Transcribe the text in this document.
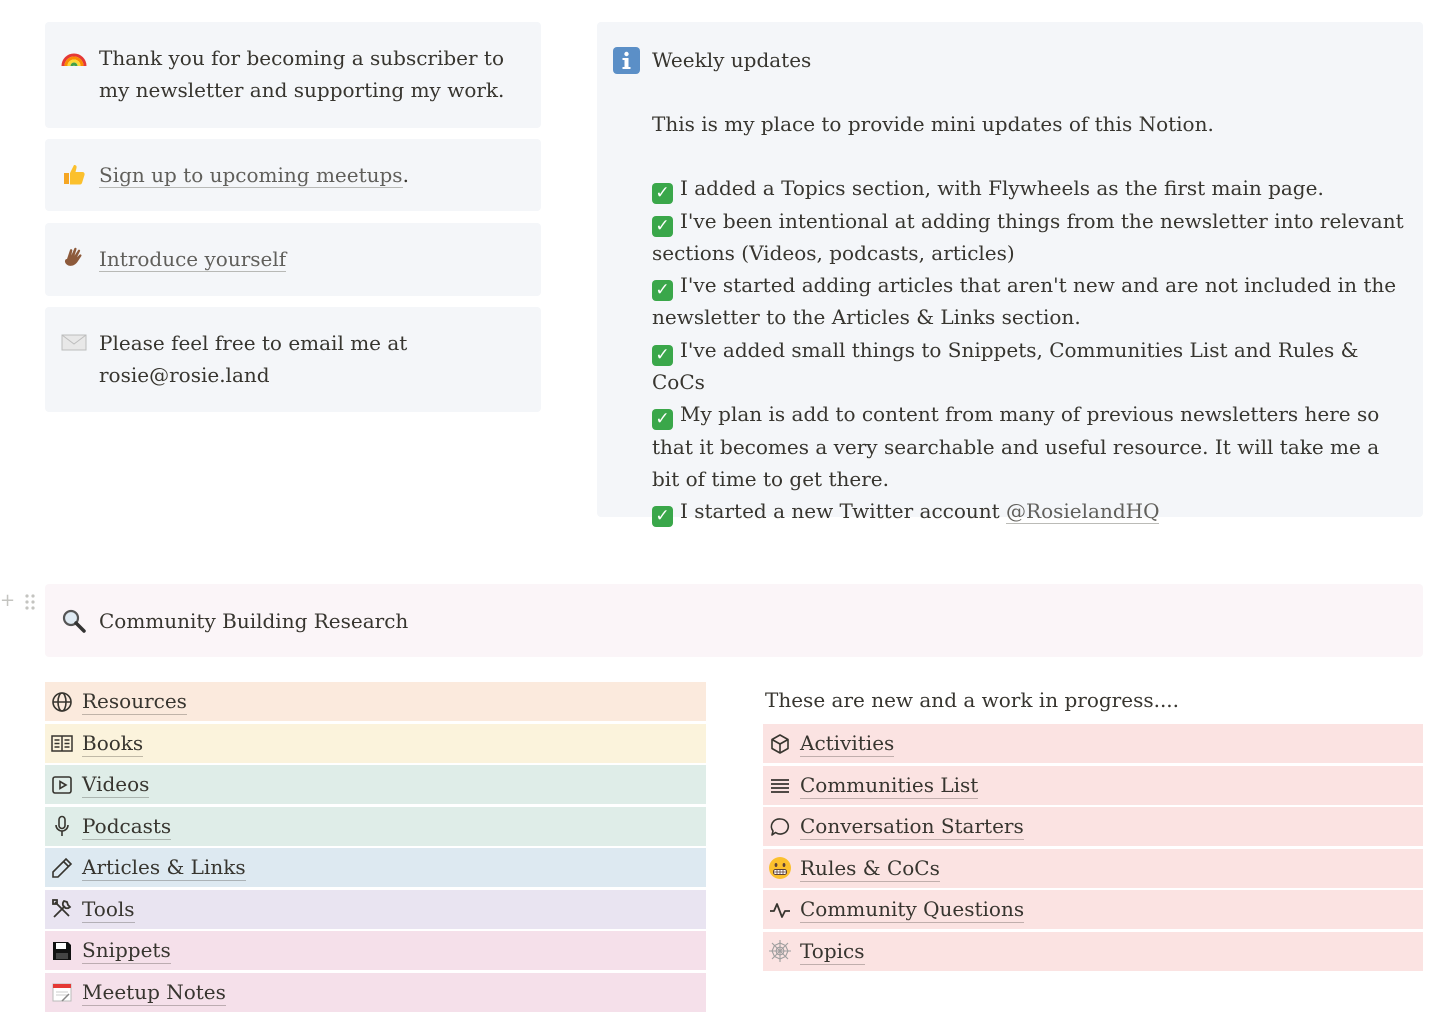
Thank you for becoming a subscriber to my newsletter and supporting my work.
Sign up to upcoming meetups.
Introduce yourself
Please feel free to email me at
rosie@rosie.land
Weekly updates
This is my place to provide mini updates of this Notion.
✓ I added a Topics section, with Flywheels as the first main page.
✓ I've been intentional at adding things from the newsletter into relevant sections (Videos, podcasts, articles)
✓ I've started adding articles that aren't new and are not included in the newsletter to the Articles & Links section.
✓ I've added small things to Snippets, Communities List and Rules & CoCs
✓ My plan is add to content from many of previous newsletters here so that it becomes a very searchable and useful resource. It will take me a bit of time to get there.
✓ I started a new Twitter account @RosielandHQ
+
Community Building Research
Resources
Books
Videos
Podcasts
Articles & Links
Tools
Snippets
Meetup Notes
These are new and a work in progress....
Activities
Communities List
Conversation Starters
Rules & CoCs
Community Questions
Topics
